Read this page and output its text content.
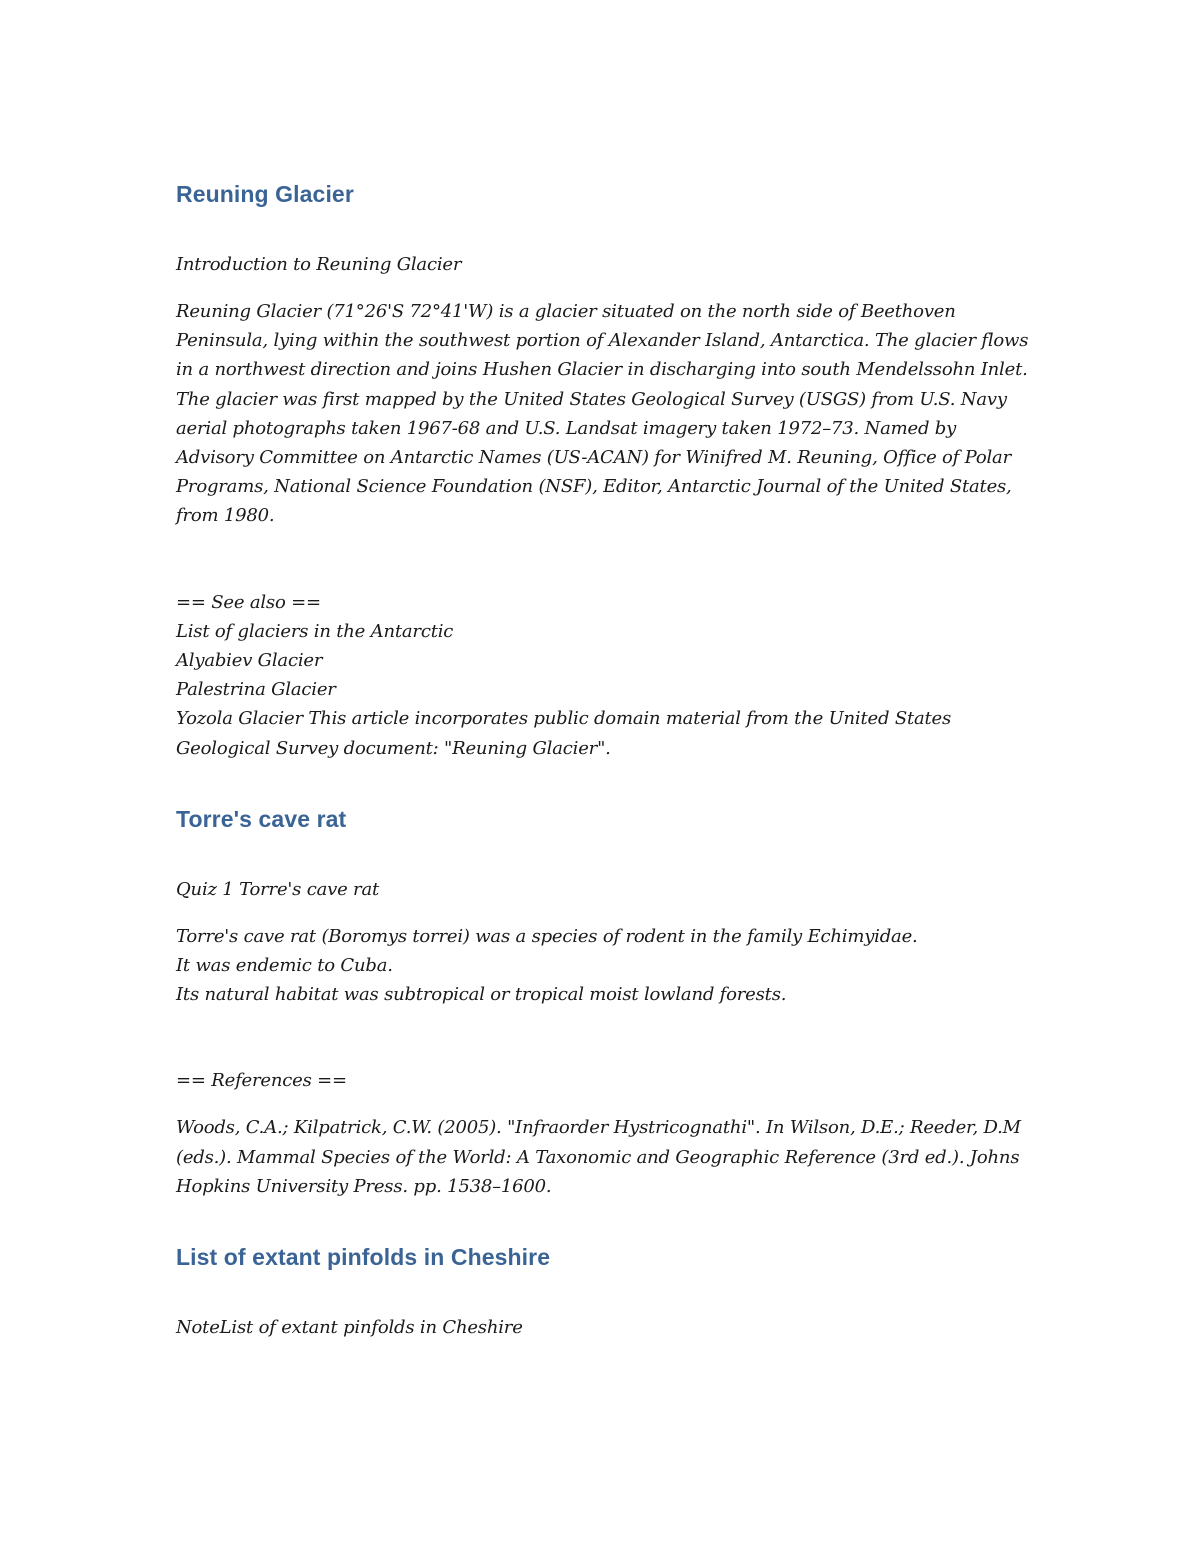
Reuning Glacier

Introduction to Reuning Glacier

Reuning Glacier (71°26'S 72°41'W) is a glacier situated on the north side of Beethoven
Peninsula, lying within the southwest portion of Alexander Island, Antarctica. The glacier flows
in a northwest direction and joins Hushen Glacier in discharging into south Mendelssohn Inlet.
The glacier was first mapped by the United States Geological Survey (USGS) from U.S. Navy
aerial photographs taken 1967-68 and U.S. Landsat imagery taken 1972–73. Named by
Advisory Committee on Antarctic Names (US-ACAN) for Winifred M. Reuning, Office of Polar
Programs, National Science Foundation (NSF), Editor, Antarctic Journal of the United States,
from 1980.
== See also ==
List of glaciers in the Antarctic
Alyabiev Glacier
Palestrina Glacier
Yozola Glacier This article incorporates public domain material from the United States
Geological Survey document: "Reuning Glacier".
Torre's cave rat

Quiz 1 Torre's cave rat

Torre's cave rat (Boromys torrei) was a species of rodent in the family Echimyidae.
It was endemic to Cuba.
Its natural habitat was subtropical or tropical moist lowland forests.

== References ==

Woods, C.A.; Kilpatrick, C.W. (2005). "Infraorder Hystricognathi". In Wilson, D.E.; Reeder, D.M
(eds.). Mammal Species of the World: A Taxonomic and Geographic Reference (3rd ed.). Johns
Hopkins University Press. pp. 1538–1600.
List of extant pinfolds in Cheshire

NoteList of extant pinfolds in Cheshire
